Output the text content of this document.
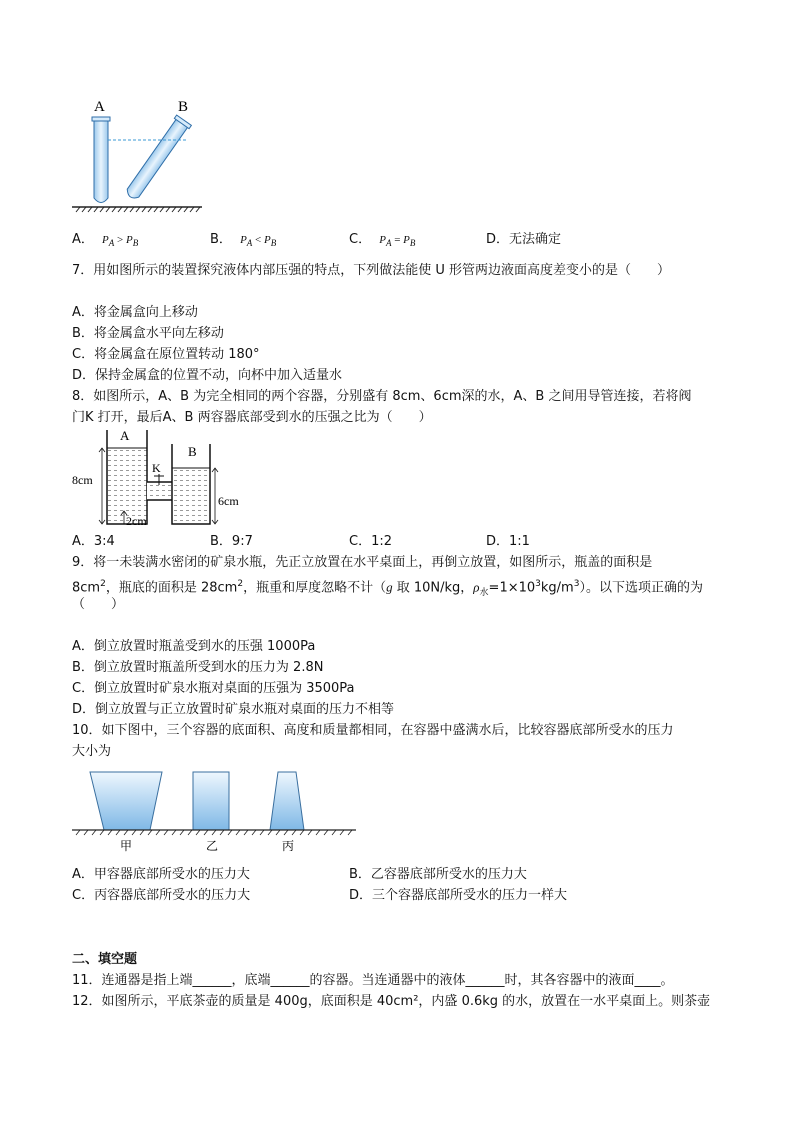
A	B
A． $P_A > P_B$	B． $P_A < P_B$	C． $P_A = P_B$	D．无法确定
7．用如图所示的装置探究液体内部压强的特点，下列做法能使 U 形管两边液面高度差变小的是（　　）
A．将金属盒向上移动
B．将金属盒水平向左移动
C．将金属盒在原位置转动 180°
D．保持金属盒的位置不动，向杯中加入适量水
8．如图所示，A、B 为完全相同的两个容器，分别盛有 8cm、6cm深的水，A、B 之间用导管连接，若将阀
门K 打开，最后A、B 两容器底部受到水的压强之比为（　　）
A
B
K
8cm
6cm
2cm
A．3:4	B．9:7	C．1:2	D．1:1
9．将一未装满水密闭的矿泉水瓶，先正立放置在水平桌面上，再倒立放置，如图所示，瓶盖的面积是
$8cm^2$，瓶底的面积是 $28cm^2$，瓶重和厚度忽略不计（g 取 10N/kg，$\rho_水=1\times 10^3kg/m^3$）。以下选项正确的为
（　　）
A．倒立放置时瓶盖受到水的压强 1000Pa
B．倒立放置时瓶盖所受到水的压力为 2.8N
C．倒立放置时矿泉水瓶对桌面的压强为 3500Pa
D．倒立放置与正立放置时矿泉水瓶对桌面的压力不相等
10．如下图中，三个容器的底面积、高度和质量都相同，在容器中盛满水后，比较容器底部所受水的压力
大小为
甲	乙	丙
A．甲容器底部所受水的压力大	B．乙容器底部所受水的压力大
C．丙容器底部所受水的压力大	D．三个容器底部所受水的压力一样大
二、填空题
11．连通器是指上端______，底端______的容器。当连通器中的液体______时，其各容器中的液面____。
12．如图所示，平底茶壶的质量是 400g，底面积是 40cm²，内盛 0.6kg 的水，放置在一水平桌面上。则茶壶
